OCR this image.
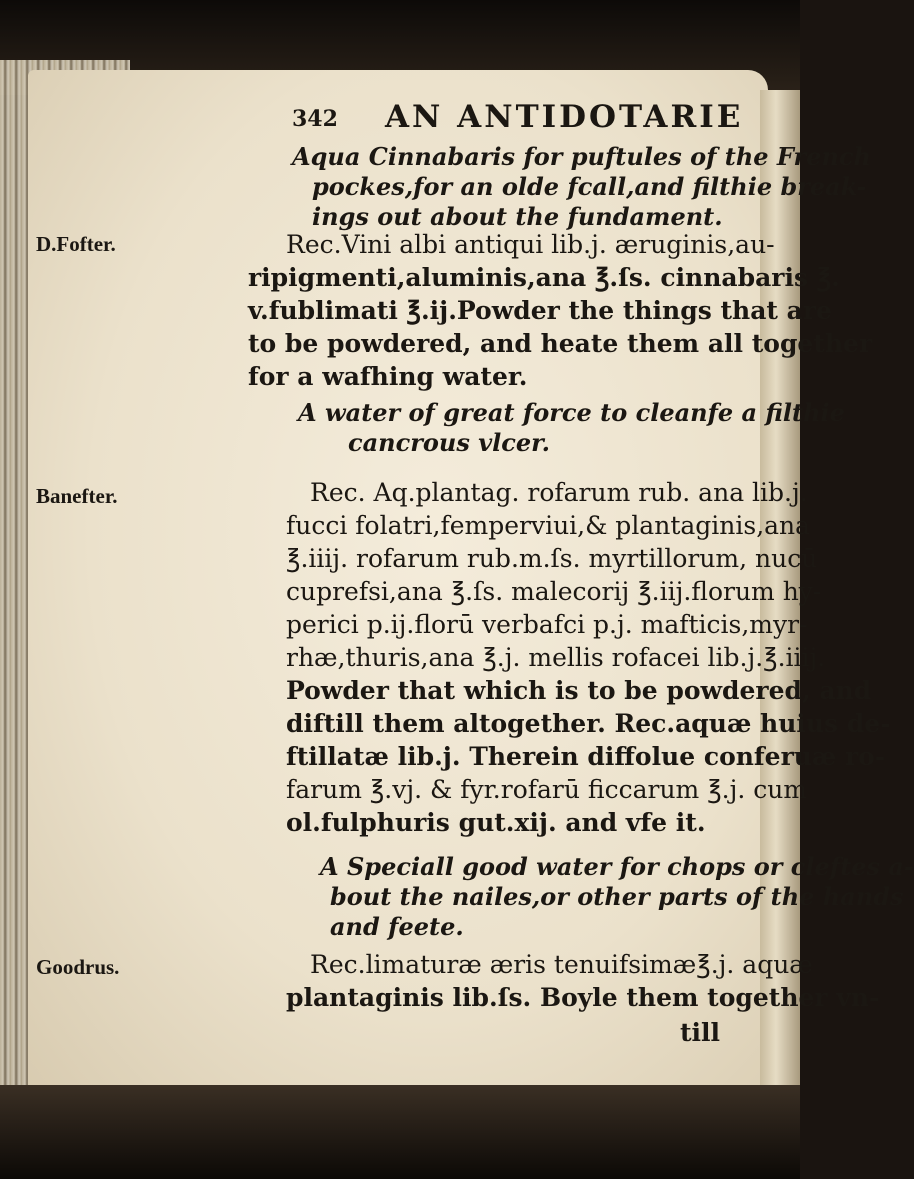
342 AN ANTIDOTARIE
Aqua Cinnabaris for puftules of the French
pockes,for an olde fcall,and filthie break-
ings out about the fundament.
D.Fofter.	Rec.Vini albi antiqui lib.j. æruginis,au-
ripigmenti,aluminis,ana ℥.ſs. cinnabaris ℥.
v.fublimati ℥.ij.Powder the things that are
to be powdered, and heate them all together
for a wafhing water.
A water of great force to cleanfe a filthie
cancrous vlcer.
Banefter.	Rec. Aq.plantag. rofarum rub. ana lib.j.
fucci folatri,femperviui,& plantaginis,ana
℥.iiij. rofarum rub.m.ſs. myrtillorum, nucū
cuprefsi,ana ℥.ſs. malecorij ℥.iij.florum hy-
perici p.ij.florū verbafci p.j. mafticis,myr-
rhæ,thuris,ana ℥.j. mellis rofacei lib.j.℥.iiij.
Powder that which is to be powdered, and
diftill them altogether. Rec.aquæ huius de-
ftillatæ lib.j. Therein diffolue conferuæ ro-
farum ℥.vj. & fyr.rofarū ficcarum ℥.j. cum
ol.fulphuris gut.xij. and vfe it.
A Speciall good water for chops or cleftes a-
bout the nailes,or other parts of the hands
and feete.
Goodrus.	Rec.limaturæ æris tenuifsimæ℥.j. aquæ
plantaginis lib.ſs. Boyle them together vn-
till
